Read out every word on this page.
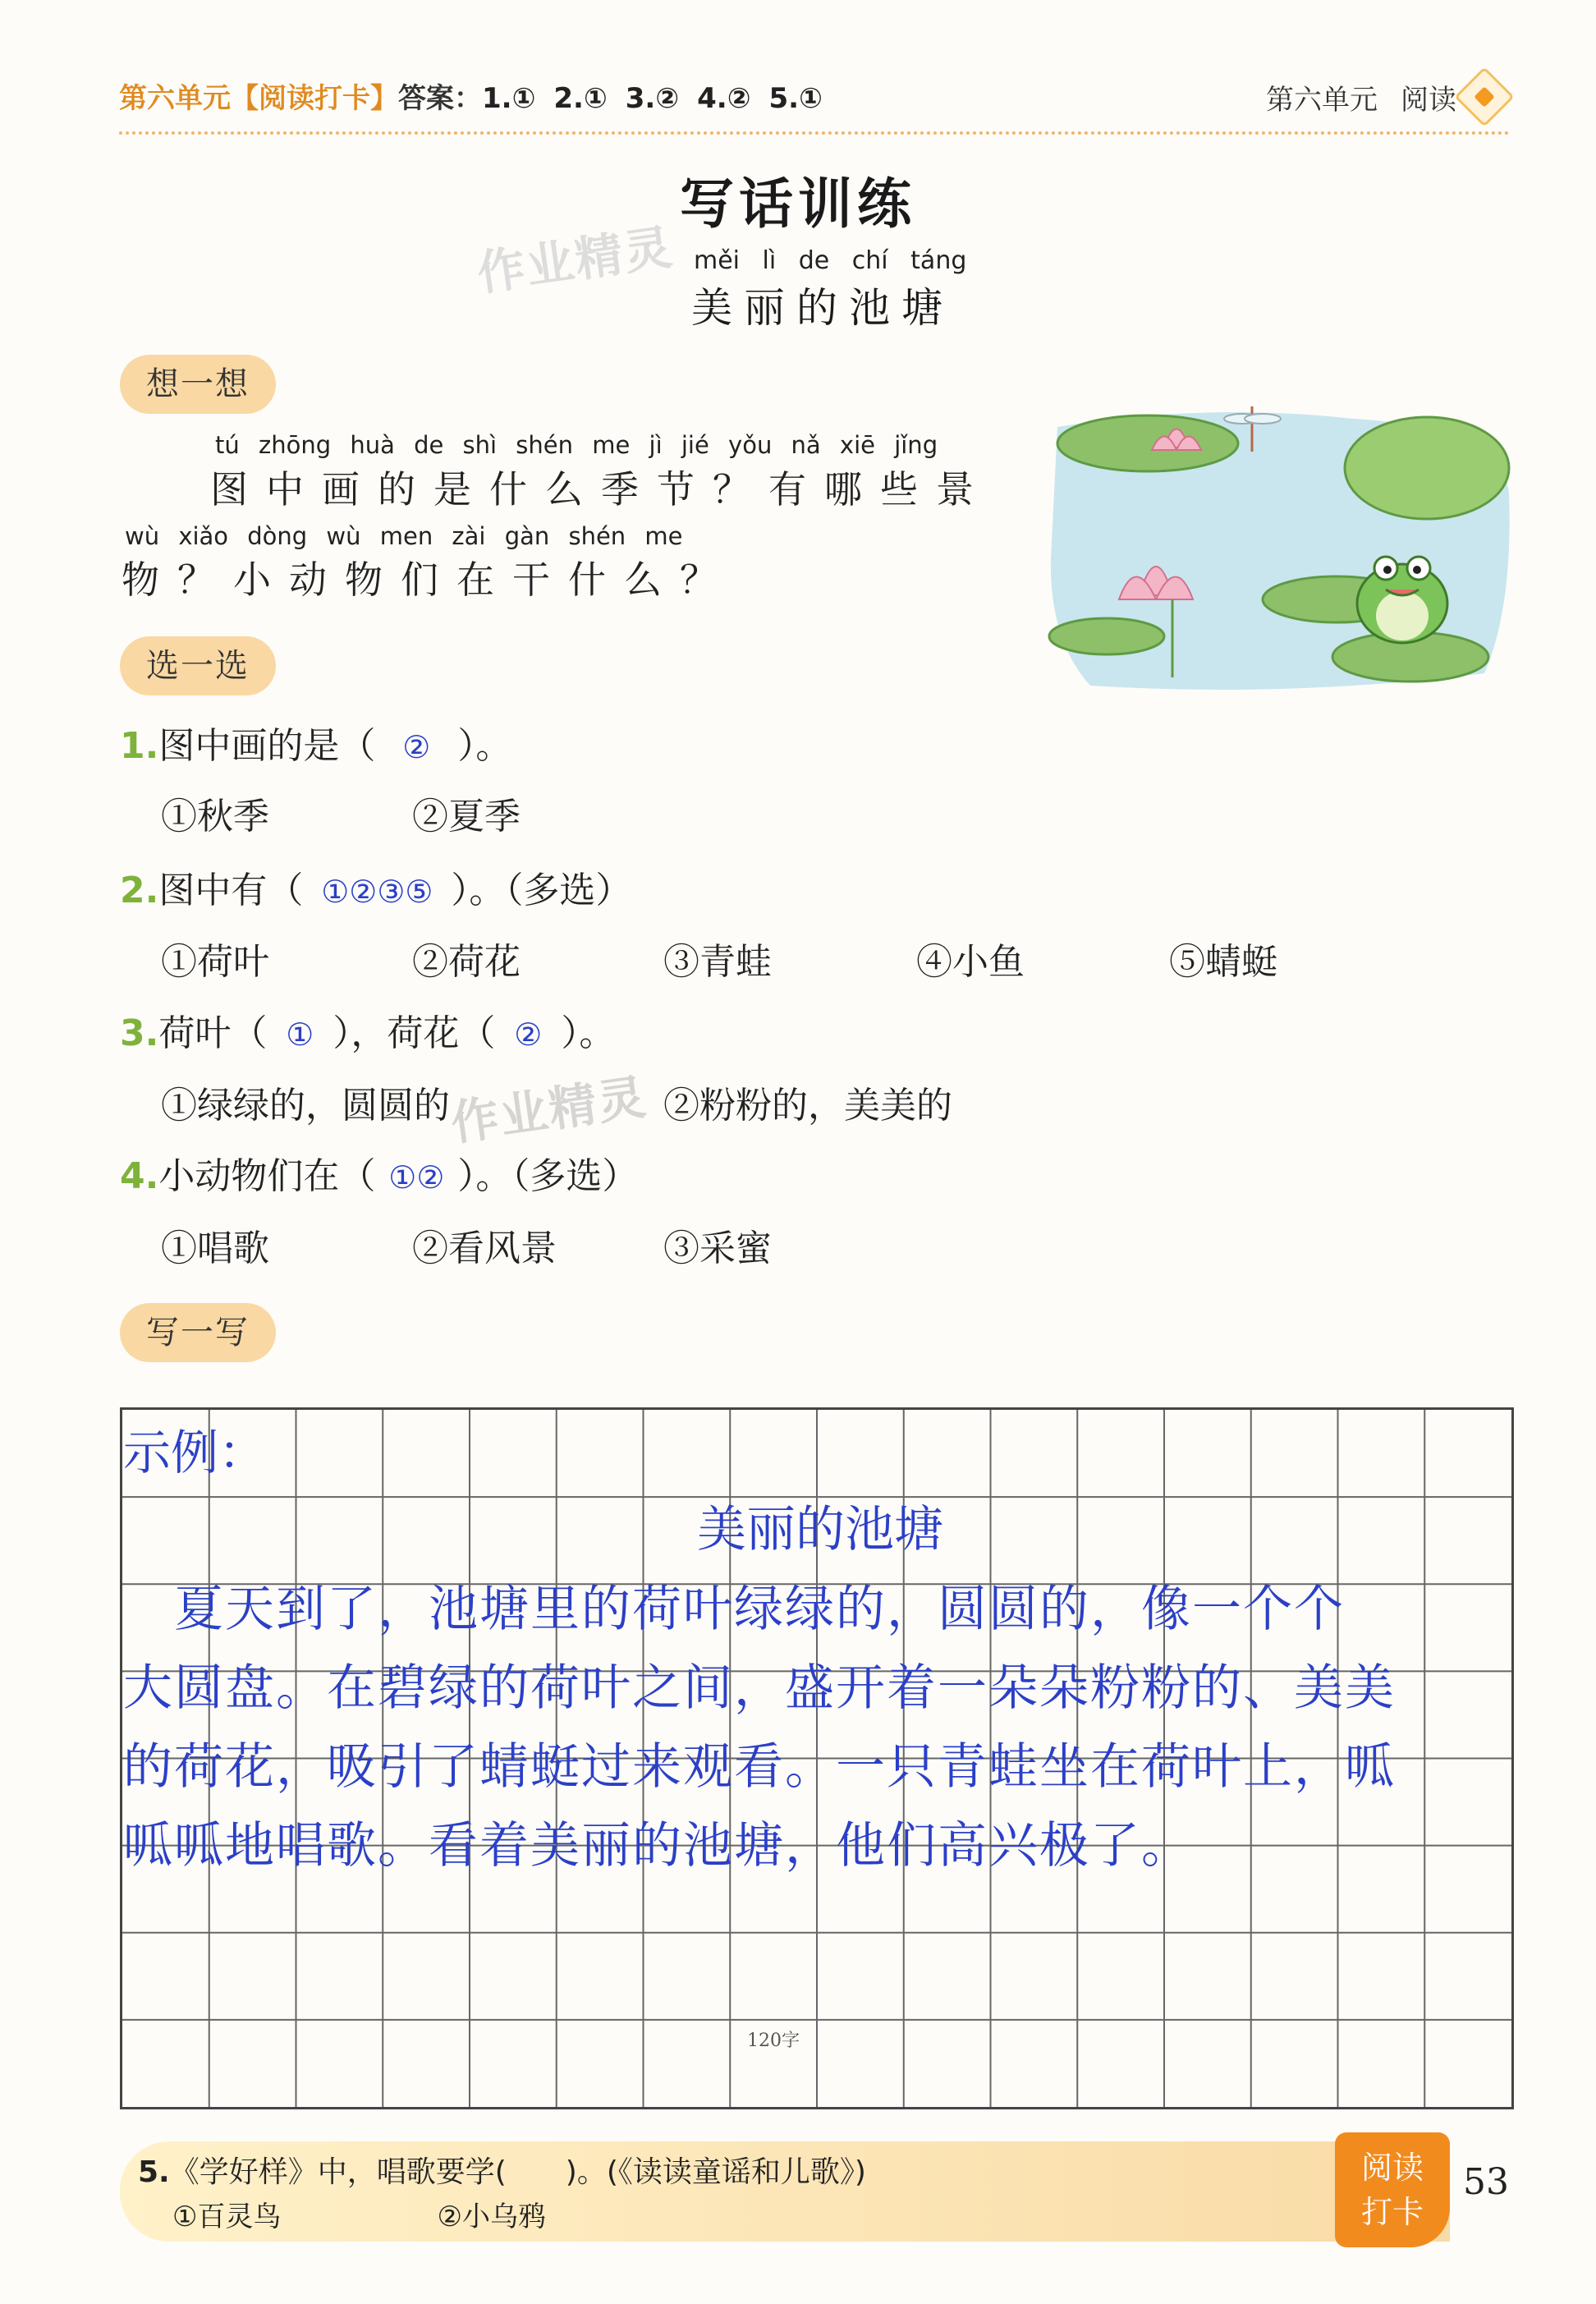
第六单元【阅读打卡】答案：1.① 2.① 3.② 4.② 5.①	第六单元 阅读
写话训练
作业精灵 měi lì de chí táng
美丽的池塘
想一想
tú zhōng huà de shì shén me jì jié yǒu nǎ xiē jǐng
图中画的是什么季节？有哪些景
wù xiǎo dòng wù men zài gàn shén me
物？小动物们在干什么？
选一选
1.图中画的是（ ② ）。
①秋季	②夏季
2.图中有（ ①②③⑤ ）。（多选）
①荷叶	②荷花	③青蛙	④小鱼	⑤蜻蜓
3.荷叶（ ① ），荷花（ ② ）。
①绿绿的，圆圆的	②粉粉的，美美的
作业精灵
4.小动物们在（ ①② ）。（多选）
①唱歌	②看风景	③采蜜
写一写
示例：
美丽的池塘
　夏天到了，池塘里的荷叶绿绿的，圆圆的，像一个个
大圆盘。在碧绿的荷叶之间，盛开着一朵朵粉粉的、美美
的荷花，吸引了蜻蜓过来观看。一只青蛙坐在荷叶上，呱
呱呱地唱歌。看着美丽的池塘，他们高兴极了。
120字
5.《学好样》中，唱歌要学(　　)。(《读读童谣和儿歌》)
①百灵鸟	②小乌鸦
阅读
打卡
53
